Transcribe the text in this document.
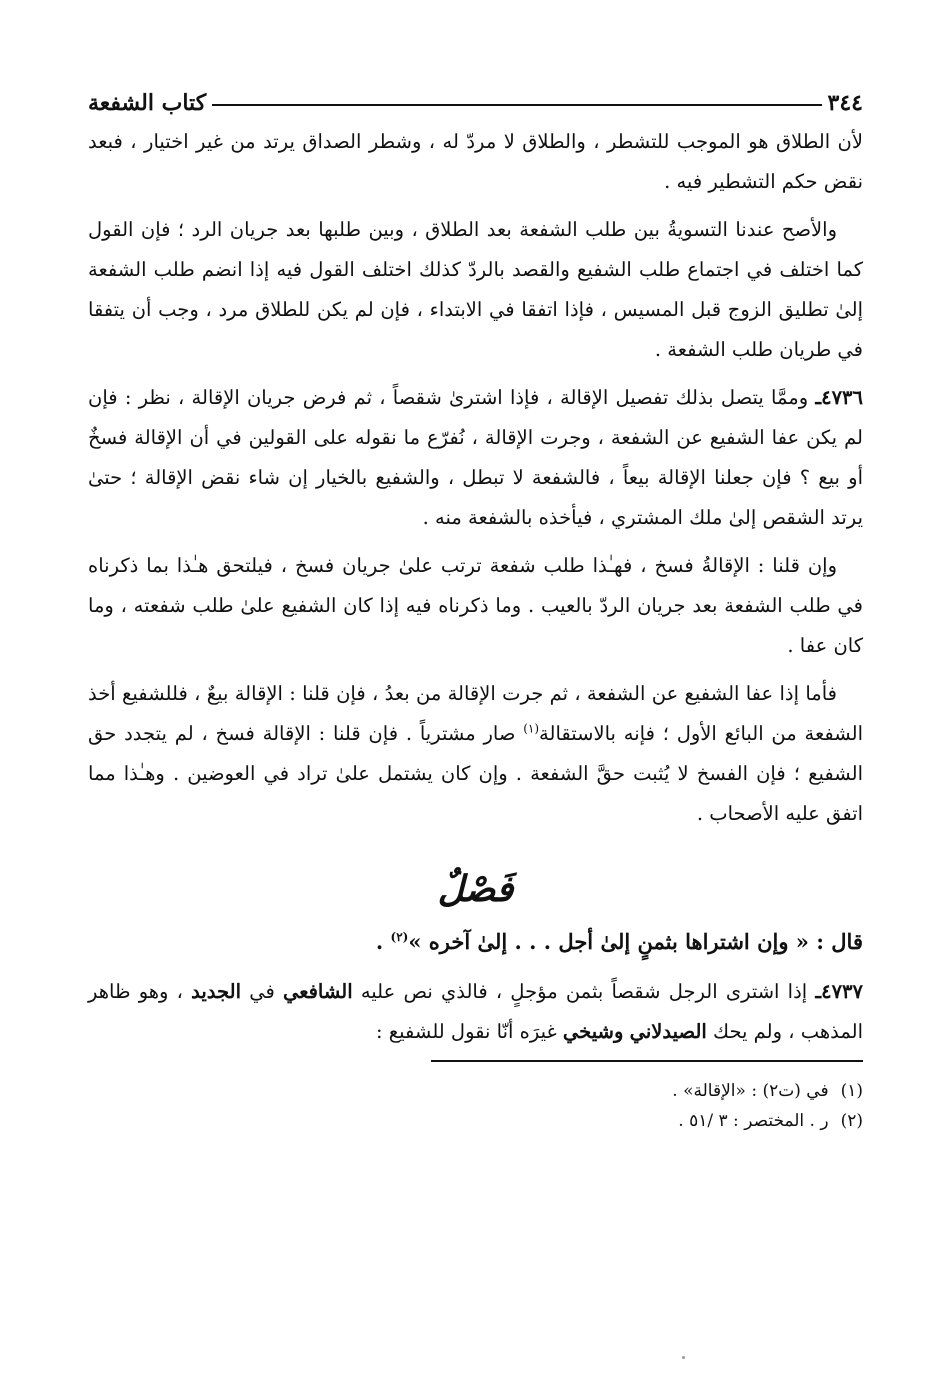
٣٤٤
كتاب الشفعة

لأن الطلاق هو الموجب للتشطر ، والطلاق لا مردّ له ، وشطر الصداق يرتد من غير اختيار ، فبعد نقض حكم التشطير فيه .

والأصح عندنا التسويةُ بين طلب الشفعة بعد الطلاق ، وبين طلبها بعد جريان الرد ؛ فإن القول كما اختلف في اجتماع طلب الشفيع والقصد بالردّ كذلك اختلف القول فيه إذا انضم طلب الشفعة إلىٰ تطليق الزوج قبل المسيس ، فإذا اتفقا في الابتداء ، فإن لم يكن للطلاق مرد ، وجب أن يتفقا في طريان طلب الشفعة .

٤٧٣٦ـ وممَّا يتصل بذلك تفصيل الإقالة ، فإذا اشترىٰ شقصاً ، ثم فرض جريان الإقالة ، نظر : فإن لم يكن عفا الشفيع عن الشفعة ، وجرت الإقالة ، نُفرّع ما نقوله على القولين في أن الإقالة فسخٌ أو بيع ؟ فإن جعلنا الإقالة بيعاً ، فالشفعة لا تبطل ، والشفيع بالخيار إن شاء نقض الإقالة ؛ حتىٰ يرتد الشقص إلىٰ ملك المشتري ، فيأخذه بالشفعة منه .

وإن قلنا : الإقالةُ فسخ ، فهـٰذا طلب شفعة ترتب علىٰ جريان فسخ ، فيلتحق هـٰذا بما ذكرناه في طلب الشفعة بعد جريان الردّ بالعيب . وما ذكرناه فيه إذا كان الشفيع علىٰ طلب شفعته ، وما كان عفا .

فأما إذا عفا الشفيع عن الشفعة ، ثم جرت الإقالة من بعدُ ، فإن قلنا : الإقالة بيعٌ ، فللشفيع أخذ الشفعة من البائع الأول ؛ فإنه بالاستقالة$^{(١)}$ صار مشترياً . فإن قلنا : الإقالة فسخ ، لم يتجدد حق الشفيع ؛ فإن الفسخ لا يُثبت حقَّ الشفعة . وإن كان يشتمل علىٰ تراد في العوضين . وهـٰذا مما اتفق عليه الأصحاب .

فَصْلٌ

قال : « وإن اشتراها بثمنٍ إلىٰ أجل . . . إلىٰ آخره »$^{(٢)}$ .

٤٧٣٧ـ إذا اشترى الرجل شقصاً بثمن مؤجلٍ ، فالذي نص عليه الشافعي في الجديد ، وهو ظاهر المذهب ، ولم يحك الصيدلاني وشيخي غيرَه أنّا نقول للشفيع :

(١)
في (ت٢) : «الإقالة» .
(٢)
ر . المختصر : ٣ /٥١ .
